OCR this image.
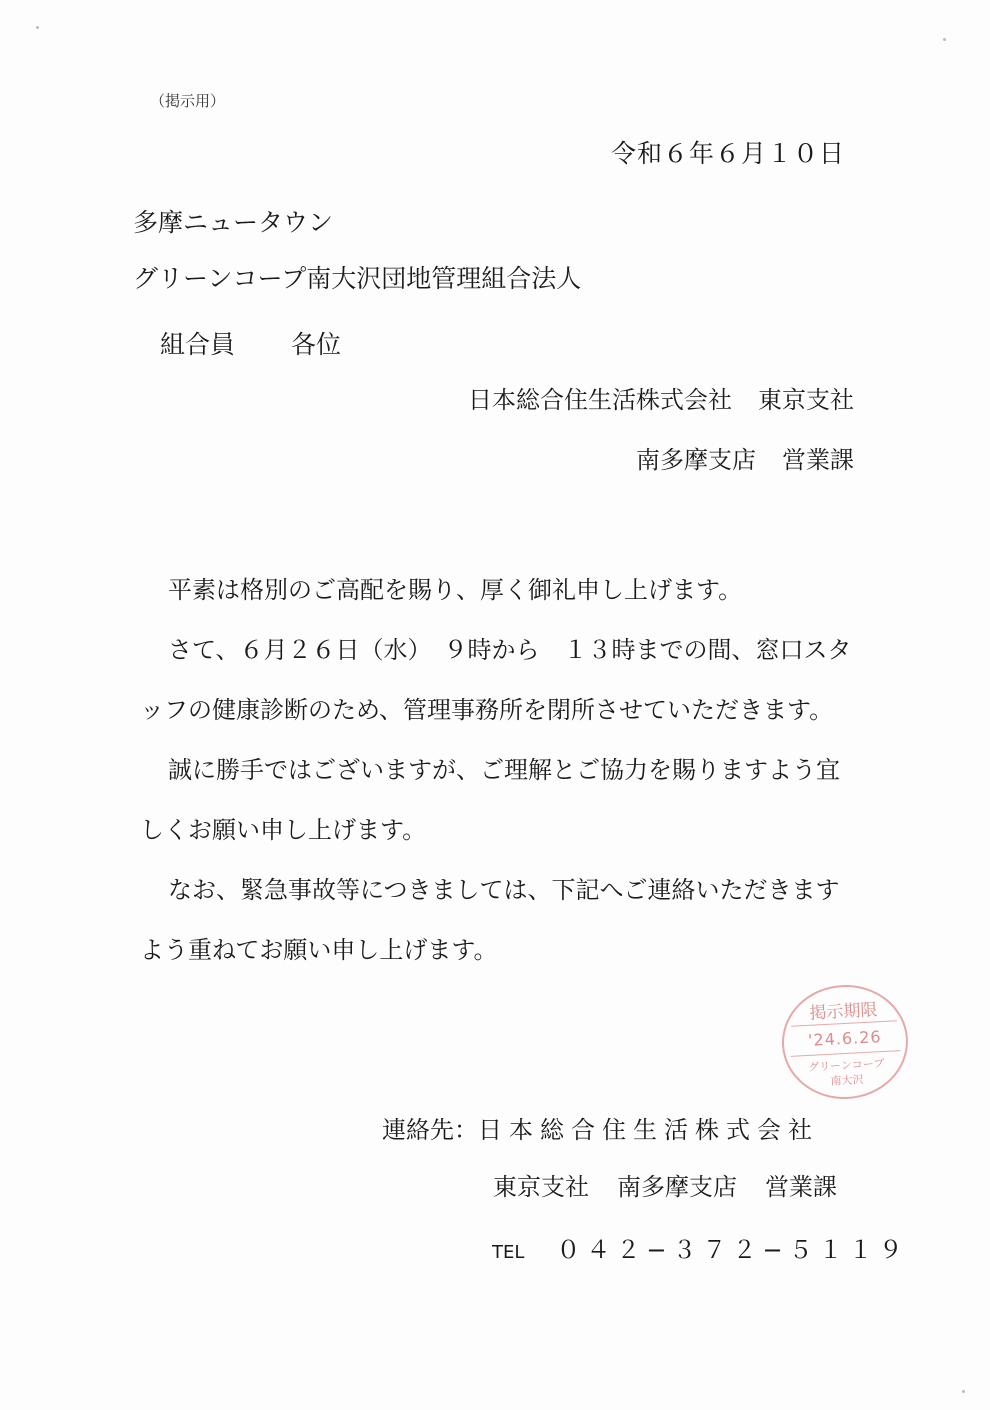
（掲示用）
令和６年６月１０日
多摩ニュータウン
グリーンコープ南大沢団地管理組合法人
組合員 各位
日本総合住生活株式会社 東京支社
南多摩支店 営業課

平素は格別のご高配を賜り、厚く御礼申し上げます。

さて、６月２６日（水）　９時から　１３時までの間、窓口スタッフの健康診断のため、管理事務所を閉所させていただきます。

誠に勝手ではございますが、ご理解とご協力を賜りますよう宜しくお願い申し上げます。

なお、緊急事故等につきましては、下記へご連絡いただきますよう重ねてお願い申し上げます。

掲示期限
'24.6.26
グリーンコープ
南大沢
連絡先：日本総合住生活株式会社
東京支社 南多摩支店 営業課
TEL ０４２−３７２−５１１９
